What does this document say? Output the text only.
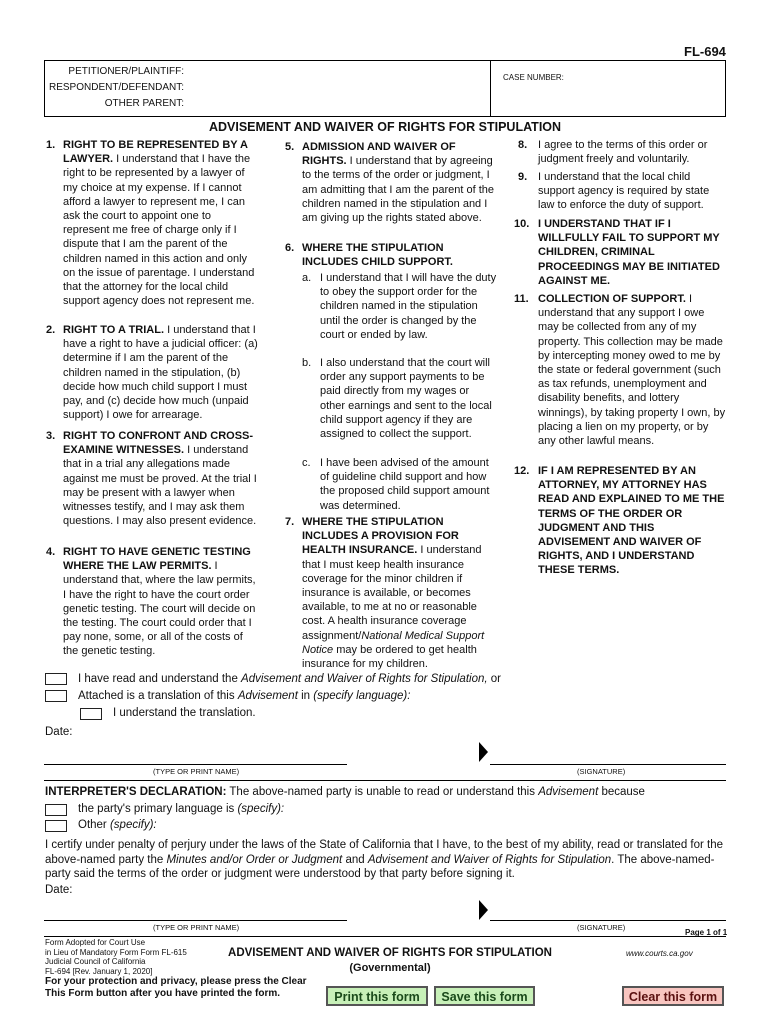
FL-694
PETITIONER/PLAINTIFF:
RESPONDENT/DEFENDANT:
OTHER PARENT:
CASE NUMBER:
ADVISEMENT AND WAIVER OF RIGHTS FOR STIPULATION
1. RIGHT TO BE REPRESENTED BY A LAWYER. I understand that I have the right to be represented by a lawyer of my choice at my expense. If I cannot afford a lawyer to represent me, I can ask the court to appoint one to represent me free of charge only if I dispute that I am the parent of the children named in this action and only on the issue of parentage. I understand that the attorney for the local child support agency does not represent me.
2. RIGHT TO A TRIAL. I understand that I have a right to have a judicial officer: (a) determine if I am the parent of the children named in the stipulation, (b) decide how much child support I must pay, and (c) decide how much (unpaid support) I owe for arrearage.
3. RIGHT TO CONFRONT AND CROSS-EXAMINE WITNESSES. I understand that in a trial any allegations made against me must be proved. At the trial I may be present with a lawyer when witnesses testify, and I may ask them questions. I may also present evidence.
4. RIGHT TO HAVE GENETIC TESTING WHERE THE LAW PERMITS. I understand that, where the law permits, I have the right to have the court order genetic testing. The court will decide on the testing. The court could order that I pay none, some, or all of the costs of the genetic testing.
5. ADMISSION AND WAIVER OF RIGHTS. I understand that by agreeing to the terms of the order or judgment, I am admitting that I am the parent of the children named in the stipulation and I am giving up the rights stated above.
6. WHERE THE STIPULATION INCLUDES CHILD SUPPORT.
a. I understand that I will have the duty to obey the support order for the children named in the stipulation until the order is changed by the court or ended by law.
b. I also understand that the court will order any support payments to be paid directly from my wages or other earnings and sent to the local child support agency if they are assigned to collect the support.
c. I have been advised of the amount of guideline child support and how the proposed child support amount was determined.
7. WHERE THE STIPULATION INCLUDES A PROVISION FOR HEALTH INSURANCE. I understand that I must keep health insurance coverage for the minor children if insurance is available, or becomes available, to me at no or reasonable cost. A health insurance coverage assignment/National Medical Support Notice may be ordered to get health insurance for my children.
8. I agree to the terms of this order or judgment freely and voluntarily.
9. I understand that the local child support agency is required by state law to enforce the duty of support.
10. I UNDERSTAND THAT IF I WILLFULLY FAIL TO SUPPORT MY CHILDREN, CRIMINAL PROCEEDINGS MAY BE INITIATED AGAINST ME.
11. COLLECTION OF SUPPORT. I understand that any support I owe may be collected from any of my property. This collection may be made by intercepting money owed to me by the state or federal government (such as tax refunds, unemployment and disability benefits, and lottery winnings), by taking property I own, by placing a lien on my property, or by any other lawful means.
12. IF I AM REPRESENTED BY AN ATTORNEY, MY ATTORNEY HAS READ AND EXPLAINED TO ME THE TERMS OF THE ORDER OR JUDGMENT AND THIS ADVISEMENT AND WAIVER OF RIGHTS, AND I UNDERSTAND THESE TERMS.
I have read and understand the Advisement and Waiver of Rights for Stipulation, or
Attached is a translation of this Advisement in (specify language):
I understand the translation.
Date:
(TYPE OR PRINT NAME)	(SIGNATURE)
INTERPRETER'S DECLARATION: The above-named party is unable to read or understand this Advisement because
the party's primary language is (specify):
Other (specify):
I certify under penalty of perjury under the laws of the State of California that I have, to the best of my ability, read or translated for the above-named party the Minutes and/or Order or Judgment and Advisement and Waiver of Rights for Stipulation. The above-named-party said the terms of the order or judgment were understood by that party before signing it.
Date:
(TYPE OR PRINT NAME)	(SIGNATURE)
Page 1 of 1
Form Adopted for Court Use
in Lieu of Mandatory Form Form FL-615
Judicial Council of California
FL-694 [Rev. January 1, 2020]
ADVISEMENT AND WAIVER OF RIGHTS FOR STIPULATION
(Governmental)
www.courts.ca.gov
For your protection and privacy, please press the Clear This Form button after you have printed the form.	Print this form	Save this form	Clear this form
